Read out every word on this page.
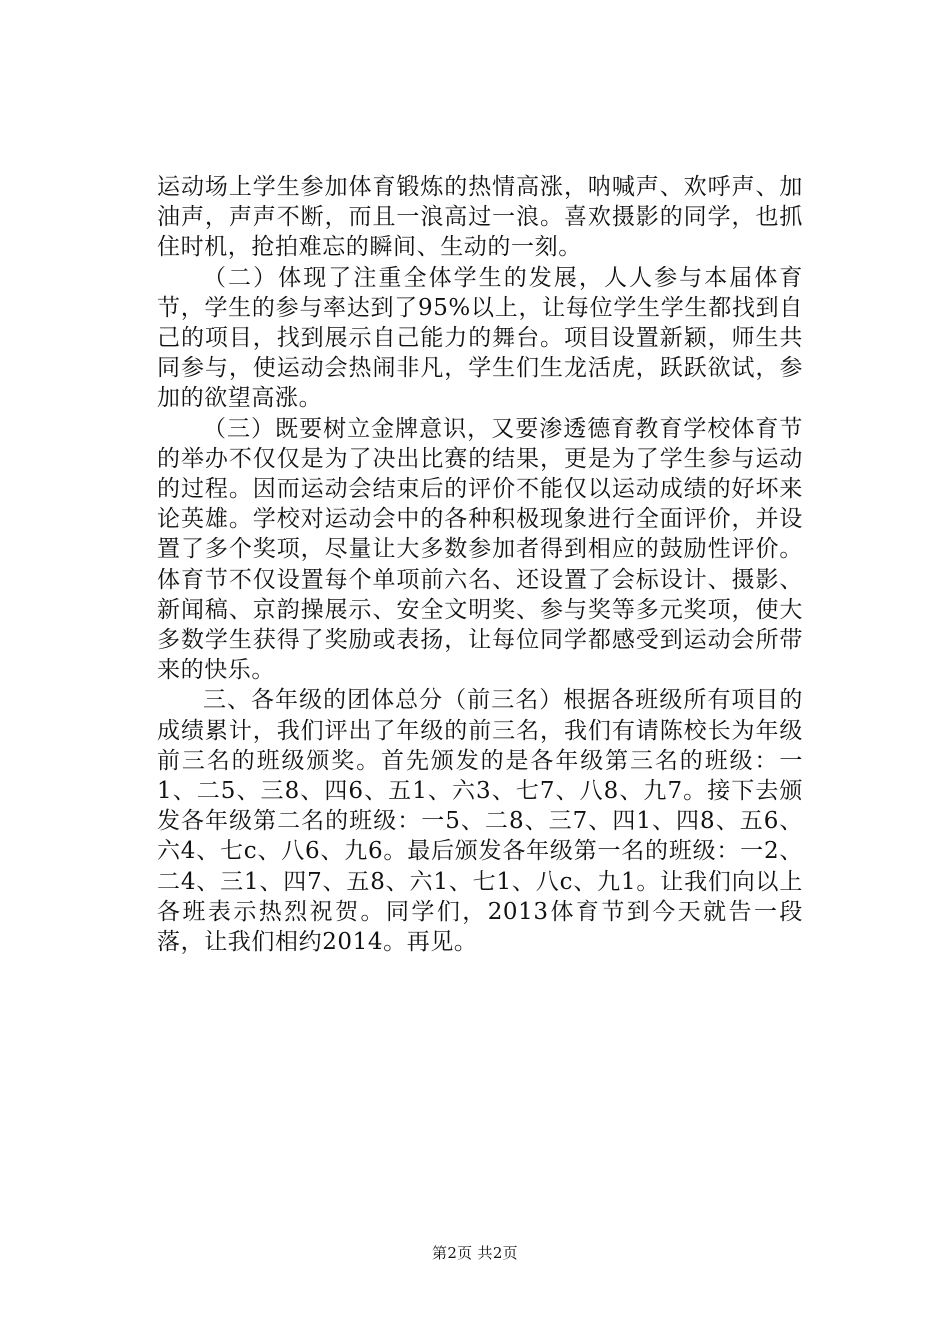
运动场上学生参加体育锻炼的热情高涨，呐喊声、欢呼声、加油声，声声不断，而且一浪高过一浪。喜欢摄影的同学，也抓住时机，抢拍难忘的瞬间、生动的一刻。

（二）体现了注重全体学生的发展，人人参与本届体育节，学生的参与率达到了95%以上，让每位学生学生都找到自己的项目，找到展示自己能力的舞台。项目设置新颖，师生共同参与，使运动会热闹非凡，学生们生龙活虎，跃跃欲试，参加的欲望高涨。

（三）既要树立金牌意识，又要渗透德育教育学校体育节的举办不仅仅是为了决出比赛的结果，更是为了学生参与运动的过程。因而运动会结束后的评价不能仅以运动成绩的好坏来论英雄。学校对运动会中的各种积极现象进行全面评价，并设置了多个奖项，尽量让大多数参加者得到相应的鼓励性评价。体育节不仅设置每个单项前六名、还设置了会标设计、摄影、新闻稿、京韵操展示、安全文明奖、参与奖等多元奖项，使大多数学生获得了奖励或表扬，让每位同学都感受到运动会所带来的快乐。

三、各年级的团体总分（前三名）根据各班级所有项目的成绩累计，我们评出了年级的前三名，我们有请陈校长为年级前三名的班级颁奖。首先颁发的是各年级第三名的班级：一1、二5、三8、四6、五1、六3、七7、八8、九7。接下去颁发各年级第二名的班级：一5、二8、三7、四1、四8、五6、六4、七c、八6、九6。最后颁发各年级第一名的班级：一2、二4、三1、四7、五8、六1、七1、八c、九1。让我们向以上各班表示热烈祝贺。同学们，2013体育节到今天就告一段落，让我们相约2014。再见。

第2页 共2页
